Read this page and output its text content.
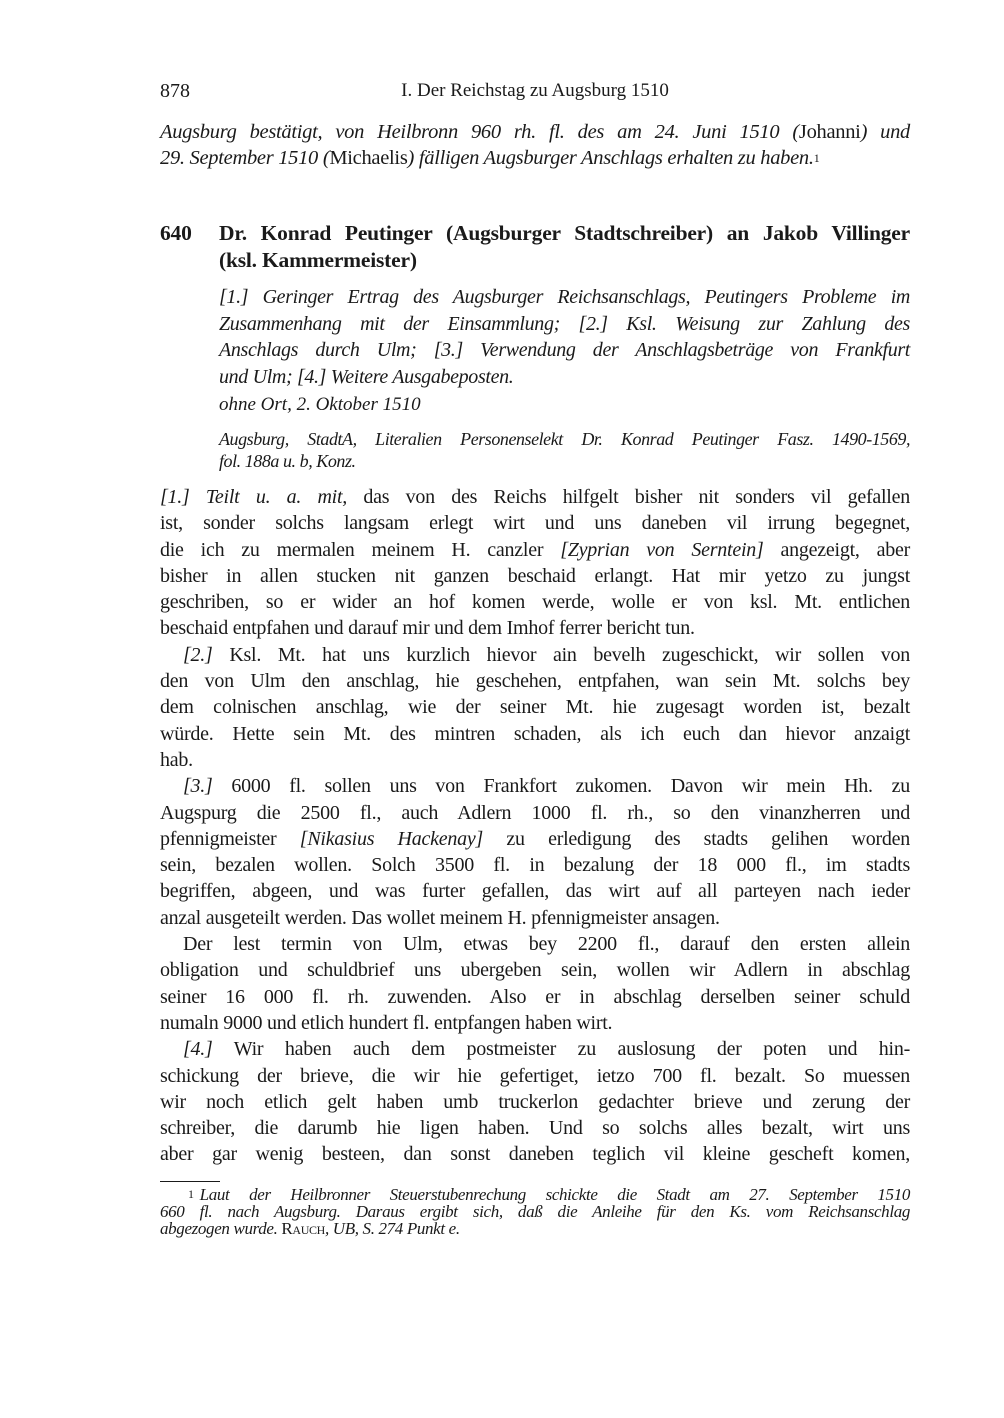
878	I. Der Reichstag zu Augsburg 1510
Augsburg bestätigt, von Heilbronn 960 rh. fl. des am 24. Juni 1510 (Johanni) und
29. September 1510 (Michaelis) fälligen Augsburger Anschlags erhalten zu haben.$^1$
640 Dr. Konrad Peutinger (Augsburger Stadtschreiber) an Jakob Villinger
(ksl. Kammermeister)
[1.] Geringer Ertrag des Augsburger Reichsanschlags, Peutingers Probleme im
Zusammenhang mit der Einsammlung; [2.] Ksl. Weisung zur Zahlung des
Anschlags durch Ulm; [3.] Verwendung der Anschlagsbeträge von Frankfurt
und Ulm; [4.] Weitere Ausgabeposten.
ohne Ort, 2. Oktober 1510
Augsburg, StadtA, Literalien Personenselekt Dr. Konrad Peutinger Fasz. 1490-1569,
fol. 188a u. b, Konz.
[1.] Teilt u. a. mit, das von des Reichs hilfgelt bisher nit sonders vil gefallen
ist, sonder solchs langsam erlegt wirt und uns daneben vil irrung begegnet,
die ich zu mermalen meinem H. canzler [Zyprian von Serntein] angezeigt, aber
bisher in allen stucken nit ganzen beschaid erlangt. Hat mir yetzo zu jungst
geschriben, so er wider an hof komen werde, wolle er von ksl. Mt. entlichen
beschaid entpfahen und darauf mir und dem Imhof ferrer bericht tun.
[2.] Ksl. Mt. hat uns kurzlich hievor ain bevelh zugeschickt, wir sollen von
den von Ulm den anschlag, hie geschehen, entpfahen, wan sein Mt. solchs bey
dem colnischen anschlag, wie der seiner Mt. hie zugesagt worden ist, bezalt
würde. Hette sein Mt. des mintren schaden, als ich euch dan hievor anzaigt
hab.
[3.] 6000 fl. sollen uns von Frankfort zukomen. Davon wir mein Hh. zu
Augspurg die 2500 fl., auch Adlern 1000 fl. rh., so den vinanzherren und
pfennigmeister [Nikasius Hackenay] zu erledigung des stadts gelihen worden
sein, bezalen wollen. Solch 3500 fl. in bezalung der 18 000 fl., im stadts
begriffen, abgeen, und was furter gefallen, das wirt auf all parteyen nach ieder
anzal ausgeteilt werden. Das wollet meinem H. pfennigmeister ansagen.
Der lest termin von Ulm, etwas bey 2200 fl., darauf den ersten allein
obligation und schuldbrief uns ubergeben sein, wollen wir Adlern in abschlag
seiner 16 000 fl. rh. zuwenden. Also er in abschlag derselben seiner schuld
numaln 9000 und etlich hundert fl. entpfangen haben wirt.
[4.] Wir haben auch dem postmeister zu auslosung der poten und hin-
schickung der brieve, die wir hie gefertiget, ietzo 700 fl. bezalt. So muessen
wir noch etlich gelt haben umb truckerlon gedachter brieve und zerung der
schreiber, die darumb hie ligen haben. Und so solchs alles bezalt, wirt uns
aber gar wenig besteen, dan sonst daneben teglich vil kleine gescheft komen,
$^1$ Laut der Heilbronner Steuerstubenrechung schickte die Stadt am 27. September 1510
660 fl. nach Augsburg. Daraus ergibt sich, daß die Anleihe für den Ks. vom Reichsanschlag
abgezogen wurde. Rauch, UB, S. 274 Punkt e.
